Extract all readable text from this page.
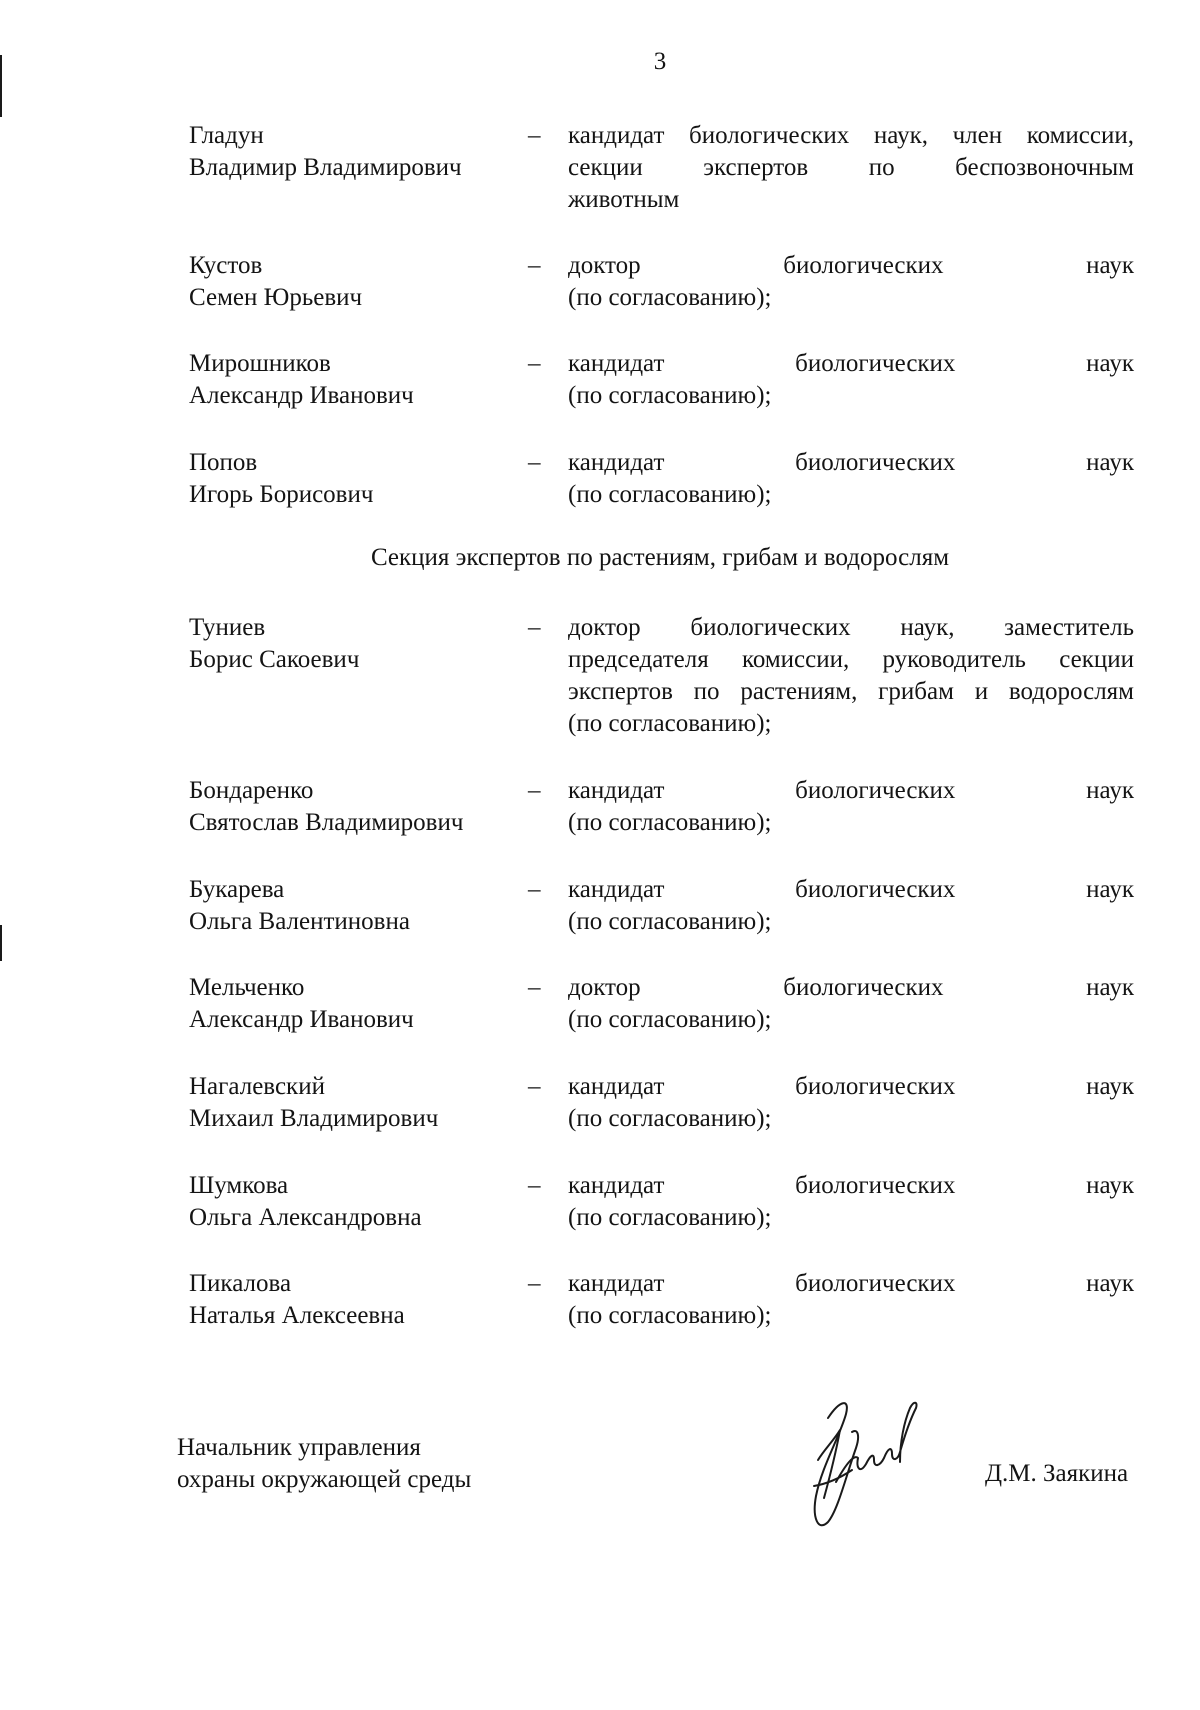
3
Гладун
Владимир Владимирович
– кандидат биологических наук, член комиссии,
секции экспертов по беспозвоночным
животным
Кустов
Семен Юрьевич
– доктор биологических наук
(по согласованию);
Мирошников
Александр Иванович
– кандидат биологических наук
(по согласованию);
Попов
Игорь Борисович
– кандидат биологических наук
(по согласованию);
Секция экспертов по растениям, грибам и водорослям
Туниев
Борис Сакоевич
– доктор биологических наук, заместитель
председателя комиссии, руководитель секции
экспертов по растениям, грибам и водорослям
(по согласованию);
Бондаренко
Святослав Владимирович
– кандидат биологических наук
(по согласованию);
Букарева
Ольга Валентиновна
– кандидат биологических наук
(по согласованию);
Мельченко
Александр Иванович
– доктор биологических наук
(по согласованию);
Нагалевский
Михаил Владимирович
– кандидат биологических наук
(по согласованию);
Шумкова
Ольга Александровна
– кандидат биологических наук
(по согласованию);
Пикалова
Наталья Алексеевна
– кандидат биологических наук
(по согласованию);
Начальник управления
охраны окружающей среды	Д.М. Заякина
